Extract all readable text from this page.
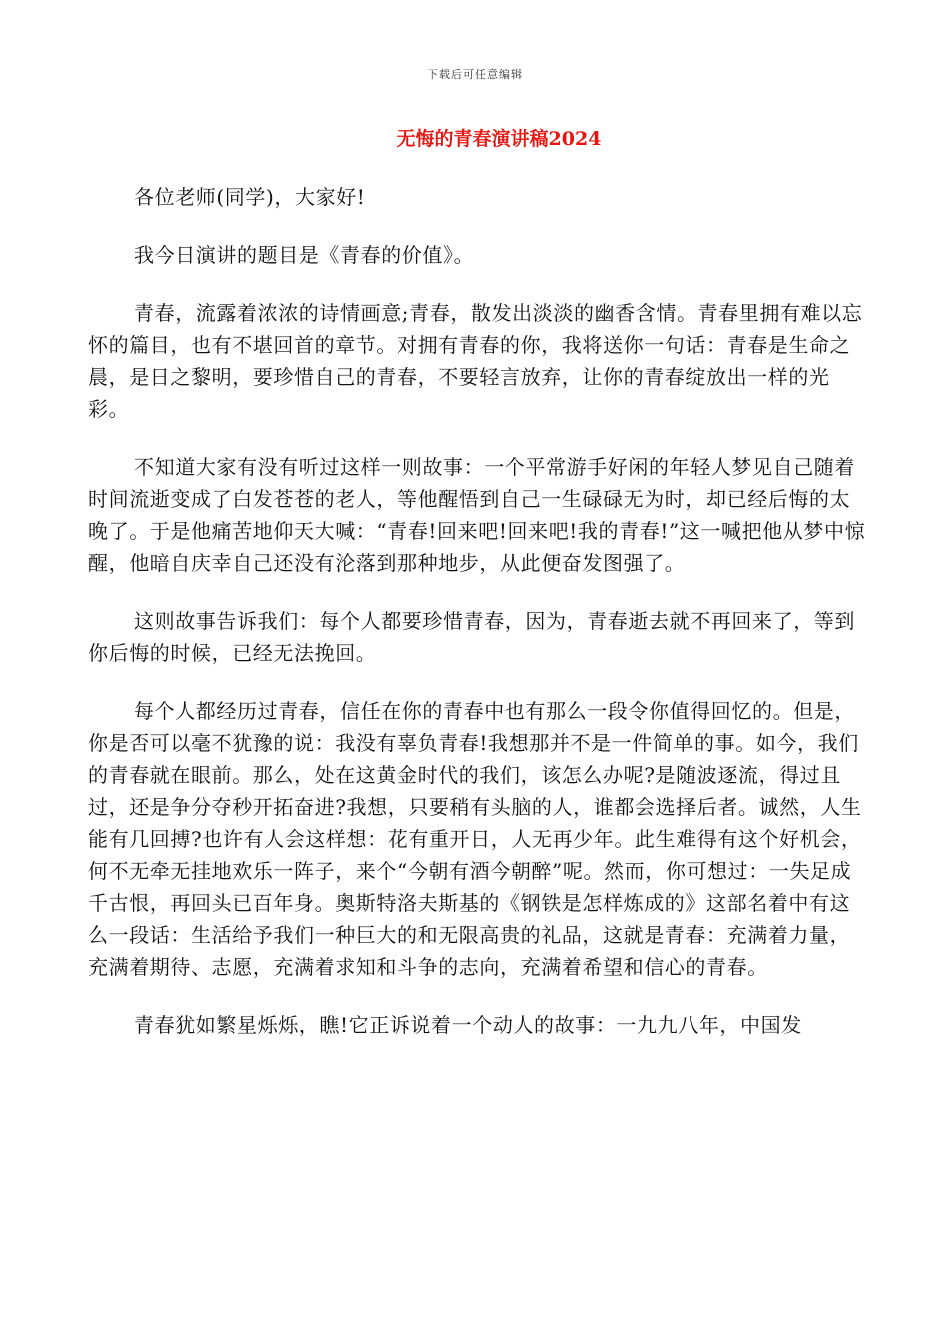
下载后可任意编辑
无悔的青春演讲稿2024

各位老师(同学)，大家好!

我今日演讲的题目是《青春的价值》。

青春，流露着浓浓的诗情画意;青春，散发出淡淡的幽香含情。青春里拥有难以忘怀的篇目，也有不堪回首的章节。对拥有青春的你，我将送你一句话：青春是生命之晨，是日之黎明，要珍惜自己的青春，不要轻言放弃，让你的青春绽放出一样的光彩。

不知道大家有没有听过这样一则故事：一个平常游手好闲的年轻人梦见自己随着时间流逝变成了白发苍苍的老人，等他醒悟到自己一生碌碌无为时，却已经后悔的太晚了。于是他痛苦地仰天大喊：“青春!回来吧!回来吧!我的青春!”这一喊把他从梦中惊醒，他暗自庆幸自己还没有沦落到那种地步，从此便奋发图强了。

这则故事告诉我们：每个人都要珍惜青春，因为，青春逝去就不再回来了，等到你后悔的时候，已经无法挽回。

每个人都经历过青春，信任在你的青春中也有那么一段令你值得回忆的。但是，你是否可以毫不犹豫的说：我没有辜负青春!我想那并不是一件简单的事。如今，我们的青春就在眼前。那么，处在这黄金时代的我们，该怎么办呢?是随波逐流，得过且过，还是争分夺秒开拓奋进?我想，只要稍有头脑的人，谁都会选择后者。诚然，人生能有几回搏?也许有人会这样想：花有重开日，人无再少年。此生难得有这个好机会，何不无牵无挂地欢乐一阵子，来个“今朝有酒今朝醉”呢。然而，你可想过：一失足成千古恨，再回头已百年身。奥斯特洛夫斯基的《钢铁是怎样炼成的》这部名着中有这么一段话：生活给予我们一种巨大的和无限高贵的礼品，这就是青春：充满着力量，充满着期待、志愿，充满着求知和斗争的志向，充满着希望和信心的青春。

青春犹如繁星烁烁，瞧!它正诉说着一个动人的故事：一九九八年，中国发
